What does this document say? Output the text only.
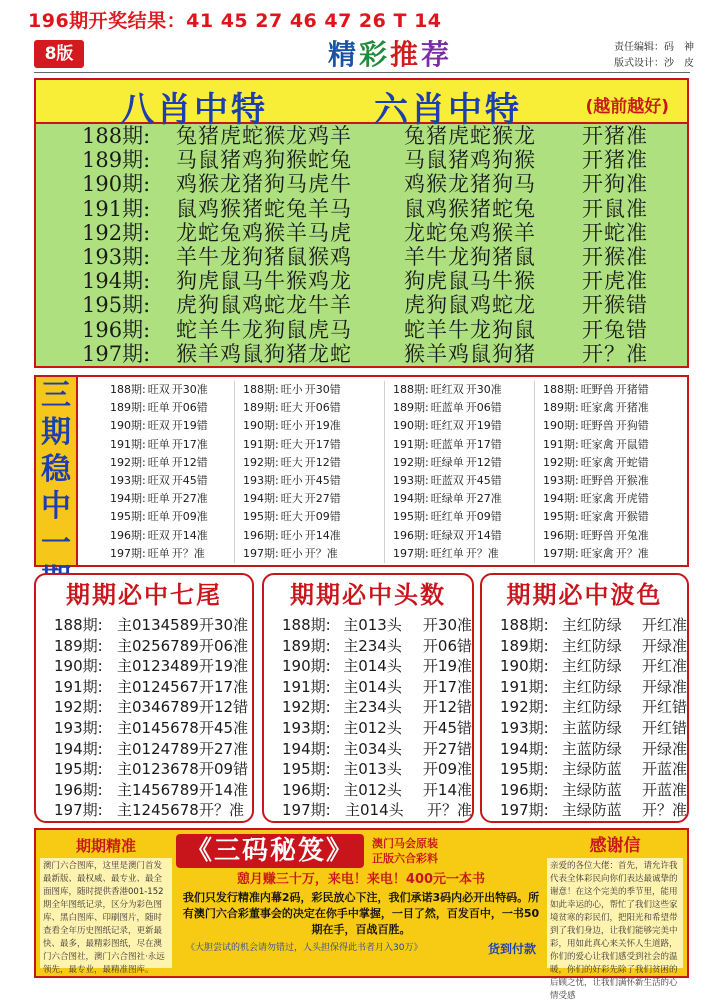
196期开奖结果：41 45 27 46 47 26 T 14
8版	精彩推荐	责任编辑：码　神
版式设计：沙　皮
八肖中特	六肖中特	(越前越好)
188期:	兔猪虎蛇猴龙鸡羊	兔猪虎蛇猴龙	开猪准
189期:	马鼠猪鸡狗猴蛇兔	马鼠猪鸡狗猴	开猪准
190期:	鸡猴龙猪狗马虎牛	鸡猴龙猪狗马	开狗准
191期:	鼠鸡猴猪蛇兔羊马	鼠鸡猴猪蛇兔	开鼠准
192期:	龙蛇兔鸡猴羊马虎	龙蛇兔鸡猴羊	开蛇准
193期:	羊牛龙狗猪鼠猴鸡	羊牛龙狗猪鼠	开猴准
194期:	狗虎鼠马牛猴鸡龙	狗虎鼠马牛猴	开虎准
195期:	虎狗鼠鸡蛇龙牛羊	虎狗鼠鸡蛇龙	开猴错
196期:	蛇羊牛龙狗鼠虎马	蛇羊牛龙狗鼠	开兔错
197期:	猴羊鸡鼠狗猪龙蛇	猴羊鸡鼠狗猪	开？准
三
期
稳
中
一
188期: 旺双 开30准
189期: 旺单 开06错
190期: 旺双 开19错
191期: 旺单 开17准
192期: 旺单 开12错
193期: 旺双 开45错
194期: 旺单 开27准
195期: 旺单 开09准
196期: 旺双 开14准
197期: 旺单 开？准
188期: 旺小 开30错
189期: 旺大 开06错
190期: 旺小 开19准
191期: 旺大 开17错
192期: 旺大 开12错
193期: 旺小 开45错
194期: 旺大 开27错
195期: 旺大 开09错
196期: 旺小 开14准
197期: 旺小 开？准
188期: 旺红双 开30准
189期: 旺蓝单 开06错
190期: 旺红双 开19错
191期: 旺蓝单 开17错
192期: 旺绿单 开12错
193期: 旺蓝双 开45错
194期: 旺绿单 开27准
195期: 旺红单 开09错
196期: 旺绿双 开14错
197期: 旺红单 开？准
188期: 旺野兽 开猪错
189期: 旺家禽 开猪准
190期: 旺野兽 开狗错
191期: 旺家禽 开鼠错
192期: 旺家禽 开蛇错
193期: 旺野兽 开猴准
194期: 旺家禽 开虎错
195期: 旺家禽 开猴错
196期: 旺野兽 开兔准
197期: 旺家禽 开？准
期期必中七尾
188期: 主0134589 开30准
189期: 主0256789 开06准
190期: 主0123489 开19准
191期: 主0124567 开17准
192期: 主0346789 开12错
193期: 主0145678 开45准
194期: 主0124789 开27准
195期: 主0123678 开09错
196期: 主1456789 开14准
197期: 主1245678 开？准
期期必中头数
188期: 主013头	开30准
189期: 主234头	开06错
190期: 主014头	开19准
191期: 主014头	开17准
192期: 主234头	开12错
193期: 主012头	开45错
194期: 主034头	开27错
195期: 主013头	开09准
196期: 主012头	开14准
197期: 主014头	开？准
期期必中波色
188期: 主红防绿	开红准
189期: 主红防绿	开绿准
190期: 主红防绿	开红准
191期: 主红防绿	开绿准
192期: 主红防绿	开红错
193期: 主蓝防绿	开红错
194期: 主蓝防绿	开绿准
195期: 主绿防蓝	开蓝准
196期: 主绿防蓝	开蓝准
197期: 主绿防蓝	开？准
期期精准
澳门六合图库，这里是澳门首发最新版、最权威、最专业、最全面图库，随时提供香港001-152期全年图纸记录，区分为彩色图库、黑白图库、印刷图片，随时查看全年历史图纸记录，更新最快、最多，最精彩图纸，尽在澳门六合图社，澳门六合图社·永远领先，最专业，最精准图库。
《三码秘笈》	澳门马会原装
正版六合彩料
憩月赚三十万，来电！来电！400元一本书
我们只发行精准内幕2码，彩民放心下注，我们承诺3码内必开出特码。所有澳门六合彩董事会的决定在你手中掌握，一目了然，百发百中，一书50期在手，百战百胜。
《大胆尝试的机会请勿错过，人头担保得此书者月入30万》	货到付款
感谢信
亲爱的各位大佬：首先，请允许我代表全体彩民向你们表达最诚挚的谢意！在这个完美的季节里，能用如此幸运的心，帮忙了我们这些家境贫寒的彩民们，把阳光和希望带到了我们身边，让我们能够完美中彩，用如此真心来关怀人生道路，你们的爱心让我们感受到社会的温暖，你们的好彩先除了我们贫困的后顾之忧，让我们满怀新生活的心情受感
